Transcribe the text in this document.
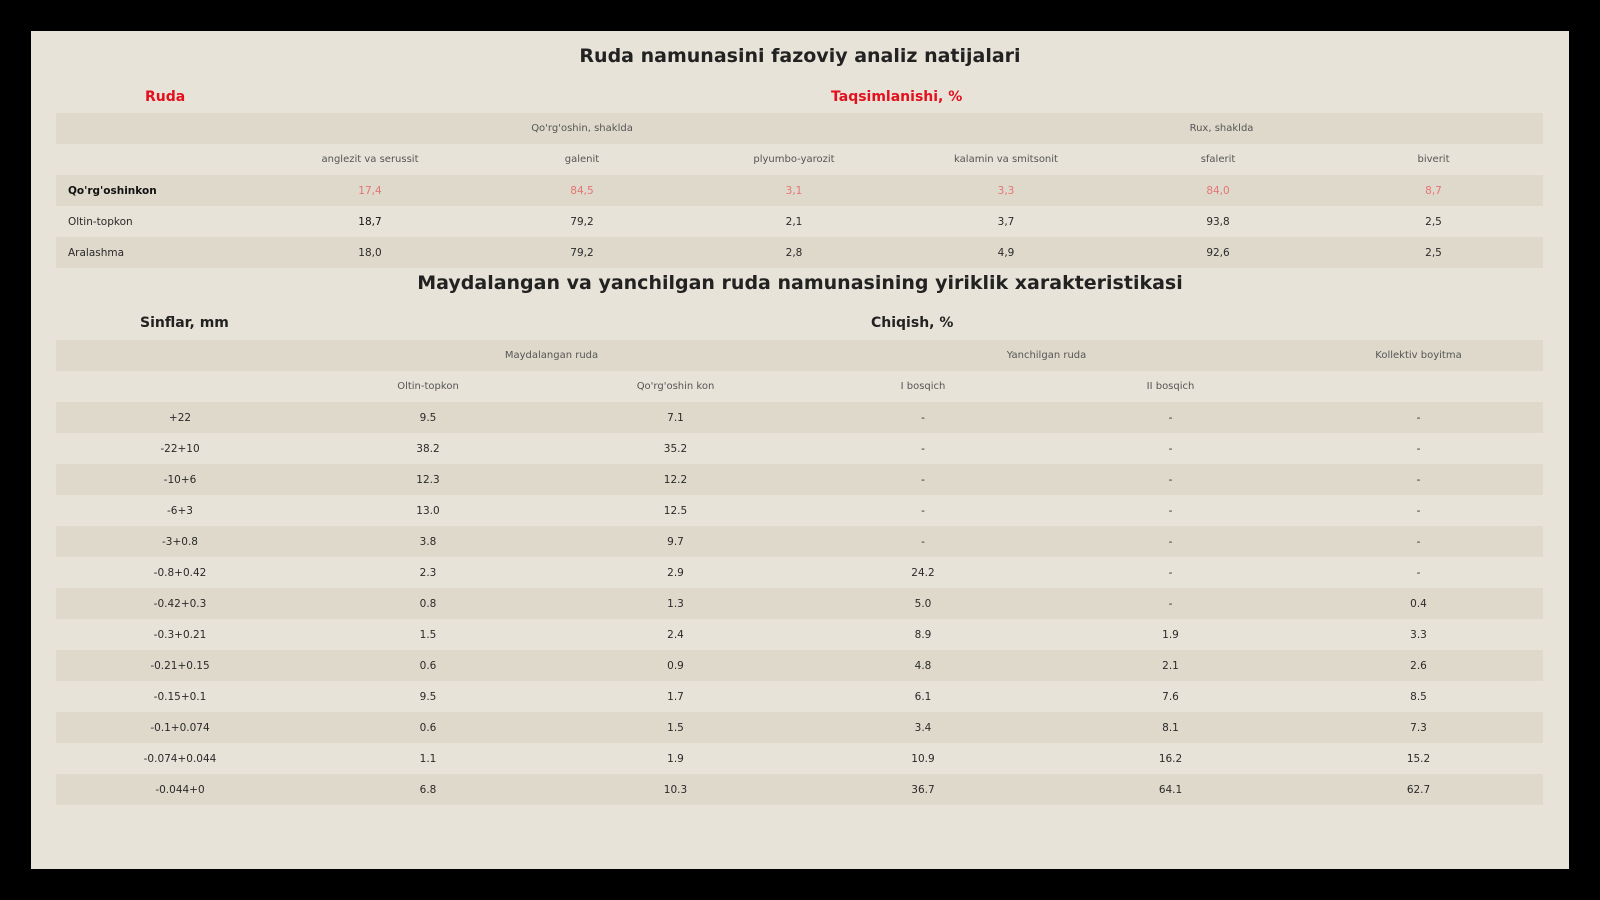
Ruda namunasini fazoviy analiz natijalari
Ruda	Taqsimlanishi, %
	Qo'rg'oshin, shaklda			Rux, shaklda		
	anglezit va serussit	galenit	plyumbo-yarozit	kalamin va smitsonit	sfalerit	biverit
Qo'rg'oshinkon	17,4	84,5	3,1	3,3	84,0	8,7
Oltin-topkon	18,7	79,2	2,1	3,7	93,8	2,5
Aralashma	18,0	79,2	2,8	4,9	92,6	2,5
Maydalangan va yanchilgan ruda namunasining yiriklik xarakteristikasi
Sinflar, mm	Chiqish, %
	Maydalangan ruda		Yanchilgan ruda		Kollektiv boyitma
	Oltin-topkon	Qo'rg'oshin kon	I bosqich	II bosqich	
+22	9.5	7.1	-	-	-
-22+10	38.2	35.2	-	-	-
-10+6	12.3	12.2	-	-	-
-6+3	13.0	12.5	-	-	-
-3+0.8	3.8	9.7	-	-	-
-0.8+0.42	2.3	2.9	24.2	-	-
-0.42+0.3	0.8	1.3	5.0	-	0.4
-0.3+0.21	1.5	2.4	8.9	1.9	3.3
-0.21+0.15	0.6	0.9	4.8	2.1	2.6
-0.15+0.1	9.5	1.7	6.1	7.6	8.5
-0.1+0.074	0.6	1.5	3.4	8.1	7.3
-0.074+0.044	1.1	1.9	10.9	16.2	15.2
-0.044+0	6.8	10.3	36.7	64.1	62.7
